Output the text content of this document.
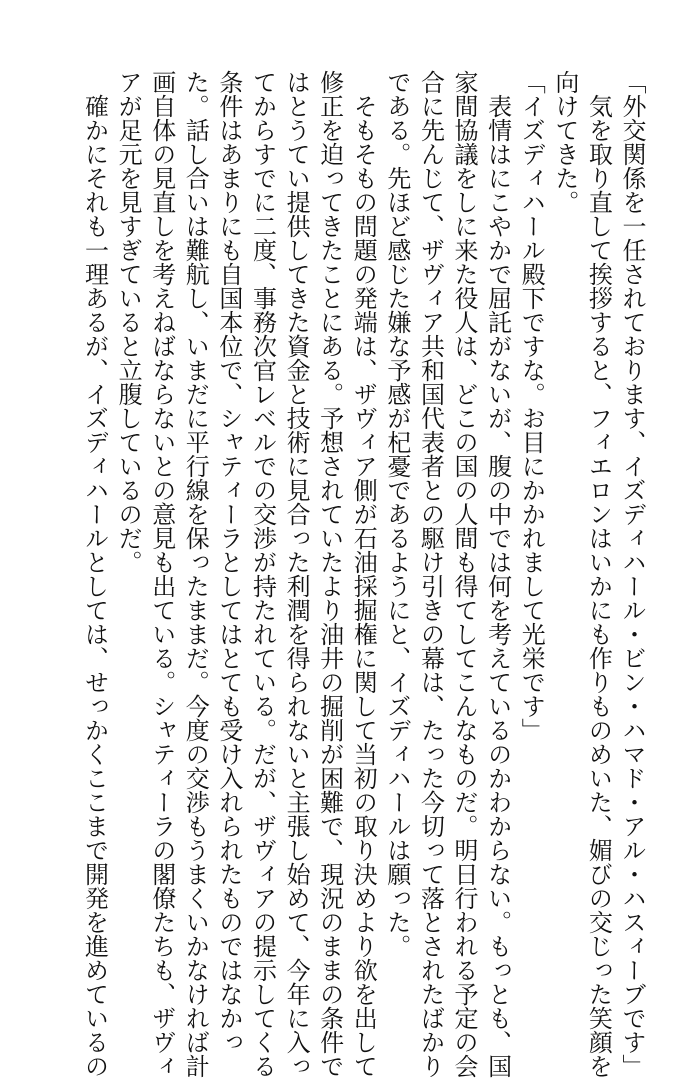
「外交関係を一任されております、イズディハール・ビン・ハマド・アル・ハスィーブです」
　気を取り直して挨拶すると、フィエロンはいかにも作りものめいた、媚びの交じった笑顔を
向けてきた。
「イズディハール殿下ですな。お目にかかれまして光栄です」
　表情はにこやかで屈託がないが、腹の中では何を考えているのかわからない。もっとも、国
家間協議をしに来た役人は、どこの国の人間も得てしてこんなものだ。明日行われる予定の会
合に先んじて、ザヴィア共和国代表者との駆け引きの幕は、たった今切って落とされたばかり
である。先ほど感じた嫌な予感が杞憂であるようにと、イズディハールは願った。
　そもそもの問題の発端は、ザヴィア側が石油採掘権に関して当初の取り決めより欲を出して
修正を迫ってきたことにある。予想されていたより油井の掘削が困難で、現況のままの条件で
はとうてい提供してきた資金と技術に見合った利潤を得られないと主張し始めて、今年に入っ
てからすでに二度、事務次官レベルでの交渉が持たれている。だが、ザヴィアの提示してくる
条件はあまりにも自国本位で、シャティーラとしてはとても受け入れられたものではなかっ
た。話し合いは難航し、いまだに平行線を保ったままだ。今度の交渉もうまくいかなければ計
画自体の見直しを考えねばならないとの意見も出ている。シャティーラの閣僚たちも、ザヴィ
アが足元を見すぎていると立腹しているのだ。
　確かにそれも一理あるが、イズディハールとしては、せっかくここまで開発を進めているの
